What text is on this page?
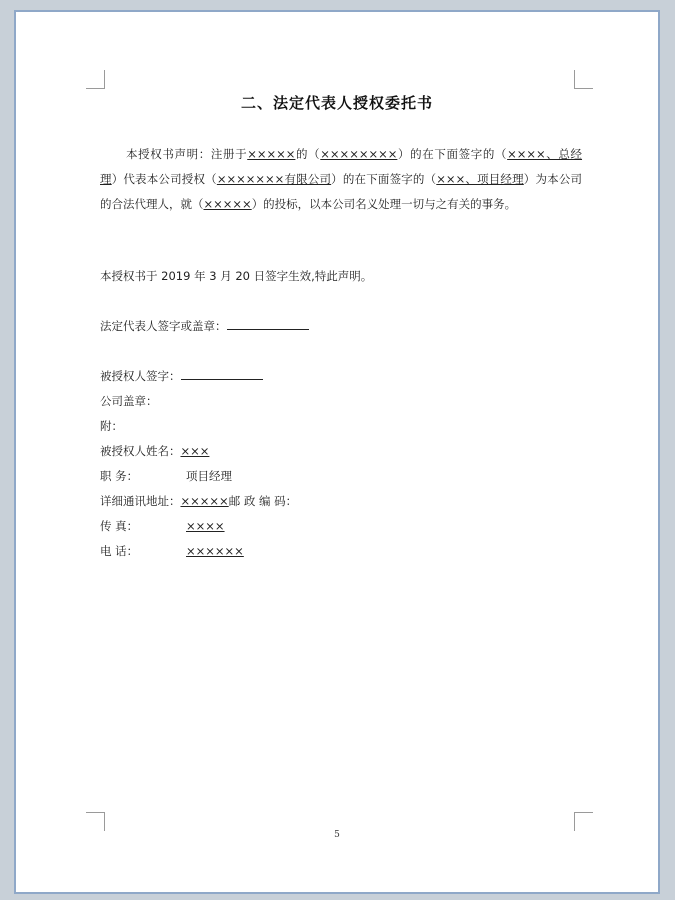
二、法定代表人授权委托书
本授权书声明：注册于×××××的（××××××××）的在下面签字的（××××、总经理）代表本公司授权（×××××××有限公司）的在下面签字的（×××、项目经理）为本公司的合法代理人，就（×××××）的投标，以本公司名义处理一切与之有关的事务。
本授权书于 2019 年 3 月 20 日签字生效,特此声明。
法定代表人签字或盖章：
被授权人签字：
公司盖章：
附：
被授权人姓名：×××
职 务：	项目经理
详细通讯地址：×××××邮 政 编 码：
传 真：	××××
电 话：	××××××
5
